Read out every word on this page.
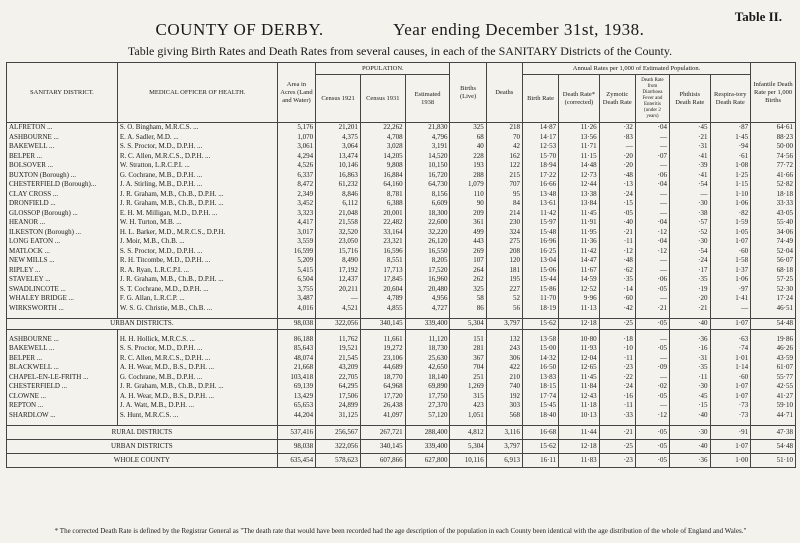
Table II.
COUNTY OF DERBY.	Year ending December 31st, 1938.
Table giving Birth Rates and Death Rates from several causes, in each of the SANITARY Districts of the County.
SANITARY DISTRICT.	MEDICAL OFFICER OF HEALTH.	Area in Acres (Land and Water)	POPULATION.			Births (Live)	Deaths	Annual Rates per 1,000 of Estimated Population.						Infantile Death Rate per 1,000 Births
			Census 1921	Census 1931	Estimated 1938			Birth Rate	Death Rate* (corrected)	Zymotic Death Rate	Death Rate from Diarrhoea Fever and Enteritis (under 2 years)	Phthisis Death Rate	Respira-tory Death Rate	
ALFRETON ...	S. O. Bingham, M.R.C.S. ...	5,176	21,201	22,262	21,830	325	218	14·87	11·26	·32	·04	·45	·87	64·61
ASHBOURNE ...	E. A. Sadler, M.D. ...	1,070	4,375	4,708	4,796	68	70	14·17	13·56	·83	—	·21	1·45	88·23
BAKEWELL ...	S. S. Proctor, M.D., D.P.H. ...	3,061	3,064	3,028	3,191	40	42	12·53	11·71	—	—	·31	·94	50·00
BELPER ...	R. C. Allen, M.R.C.S., D.P.H. ...	4,294	13,474	14,205	14,520	228	162	15·70	11·15	·20	·07	·41	·61	74·56
BOLSOVER ...	W. Stratton, L.R.C.P.I. ...	4,526	10,146	9,808	10,150	193	122	18·94	14·48	·20	—	·39	1·08	77·72
BUXTON (Borough) ...	G. Cochrane, M.B., D.P.H. ...	6,337	16,863	16,884	16,720	288	215	17·22	12·73	·48	·06	·41	1·25	41·66
CHESTERFIELD (Borough)...	J. A. Stirling, M.B., D.P.H. ...	8,472	61,232	64,160	64,730	1,079	707	16·66	12·44	·13	·04	·54	1·15	52·82
CLAY CROSS ...	J. R. Graham, M.B., Ch.B., D.P.H. ...	2,349	8,846	8,781	8,156	110	95	13·48	13·38	·24	—	—	1·10	18·18
DRONFIELD ...	J. R. Graham, M.B., Ch.B., D.P.H. ...	3,452	6,112	6,388	6,609	90	84	13·61	13·84	·15	—	·30	1·06	33·33
GLOSSOP (Borough) ...	E. H. M. Milligan, M.D., D.P.H. ...	3,323	21,048	20,001	18,300	209	214	11·42	11·45	·05	—	·38	·82	43·05
HEANOR ...	W. H. Turton, M.B. ...	4,417	21,558	22,482	22,600	361	230	15·97	11·91	·40	·04	·57	1·59	55·40
ILKESTON (Borough) ...	H. L. Barker, M.D., M.R.C.S., D.P.H.	3,017	32,520	33,164	32,220	499	324	15·48	11·95	·21	·12	·52	1·05	34·06
LONG EATON ...	J. Moir, M.B., Ch.B. ...	3,559	23,050	23,321	26,120	443	275	16·96	11·36	·11	·04	·30	1·07	74·49
MATLOCK ...	S. S. Proctor, M.D., D.P.H. ...	16,599	15,716	16,596	16,550	269	208	16·25	11·42	·12	·12	·54	·60	52·04
NEW MILLS ...	R. H. Titcombe, M.D., D.P.H. ...	5,209	8,490	8,551	8,205	107	120	13·04	14·47	·48	—	·24	1·58	56·07
RIPLEY ...	R. A. Ryan, L.R.C.P.I. ...	5,415	17,192	17,713	17,520	264	181	15·06	11·67	·62	—	·17	1·37	68·18
STAVELEY ...	J. R. Graham, M.B., Ch.B., D.P.H. ...	6,504	12,437	17,845	16,960	262	195	15·44	14·59	·35	·06	·35	1·06	57·25
SWADLINCOTE ...	S. T. Cochrane, M.D., D.P.H. ...	3,755	20,211	20,604	20,480	325	227	15·86	12·52	·14	·05	·19	·97	52·30
WHALEY BRIDGE ...	F. G. Allan, L.R.C.P. ...	3,487	—	4,789	4,956	58	52	11·70	9·96	·60	—	·20	1·41	17·24
WIRKSWORTH ...	W. S. G. Christie, M.B., Ch.B. ...	4,016	4,521	4,855	4,727	86	56	18·19	11·13	·42	·21	·21	—	46·51

URBAN DISTRICTS.		98,038	322,056	340,145	339,400	5,304	3,797	15·62	12·18	·25	·05	·40	1·07	54·48

ASHBOURNE ...	H. H. Hollick, M.R.C.S. ...	86,188	11,762	11,661	11,120	151	132	13·58	10·80	·18	—	·36	·63	19·86
BAKEWELL ...	S. S. Proctor, M.D., D.P.H. ...	85,643	19,521	19,272	18,730	281	243	15·00	11·93	·10	·05	·16	·74	46·26
BELPER ...	R. C. Allen, M.R.C.S., D.P.H. ...	48,074	21,545	23,106	25,630	367	306	14·32	12·04	·11	—	·31	1·01	43·59
BLACKWELL ...	A. H. Wear, M.D., B.S., D.P.H. ...	21,668	43,209	44,689	42,650	704	422	16·50	12·65	·23	·09	·35	1·14	61·07
CHAPEL-EN-LE-FRITH ...	G. Cochrane, M.B., D.P.H. ...	103,418	22,705	18,770	18,140	251	210	13·83	11·45	·22	—	·11	·60	55·77
CHESTERFIELD ...	J. R. Graham, M.B., Ch.B., D.P.H. ...	69,139	64,295	64,968	69,890	1,269	740	18·15	11·84	·24	·02	·30	1·07	42·55
CLOWNE ...	A. H. Wear, M.D., B.S., D.P.H. ...	13,429	17,506	17,720	17,750	315	192	17·74	12·43	·16	·05	·45	1·07	41·27
REPTON ...	J. A. Watt, M.B., D.P.H. ...	65,653	24,899	26,438	27,370	423	303	15·45	11·18	·11	—	·15	·73	59·10
SHARDLOW ...	S. Hunt, M.R.C.S. ...	44,204	31,125	41,097	57,120	1,051	568	18·40	10·13	·33	·12	·40	·73	44·71

RURAL DISTRICTS		537,416	256,567	267,721	288,400	4,812	3,116	16·68	11·44	·21	·05	·30	·91	47·38
URBAN DISTRICTS		98,038	322,056	340,145	339,400	5,304	3,797	15·62	12·18	·25	·05	·40	1·07	54·48
WHOLE COUNTY		635,454	578,623	607,866	627,800	10,116	6,913	16·11	11·83	·23	·05	·36	1·00	51·10
* The corrected Death Rate is defined by the Registrar General as "The death rate that would have been recorded had the age description of the population in each County been identical with the age distribution of the whole of England and Wales."
